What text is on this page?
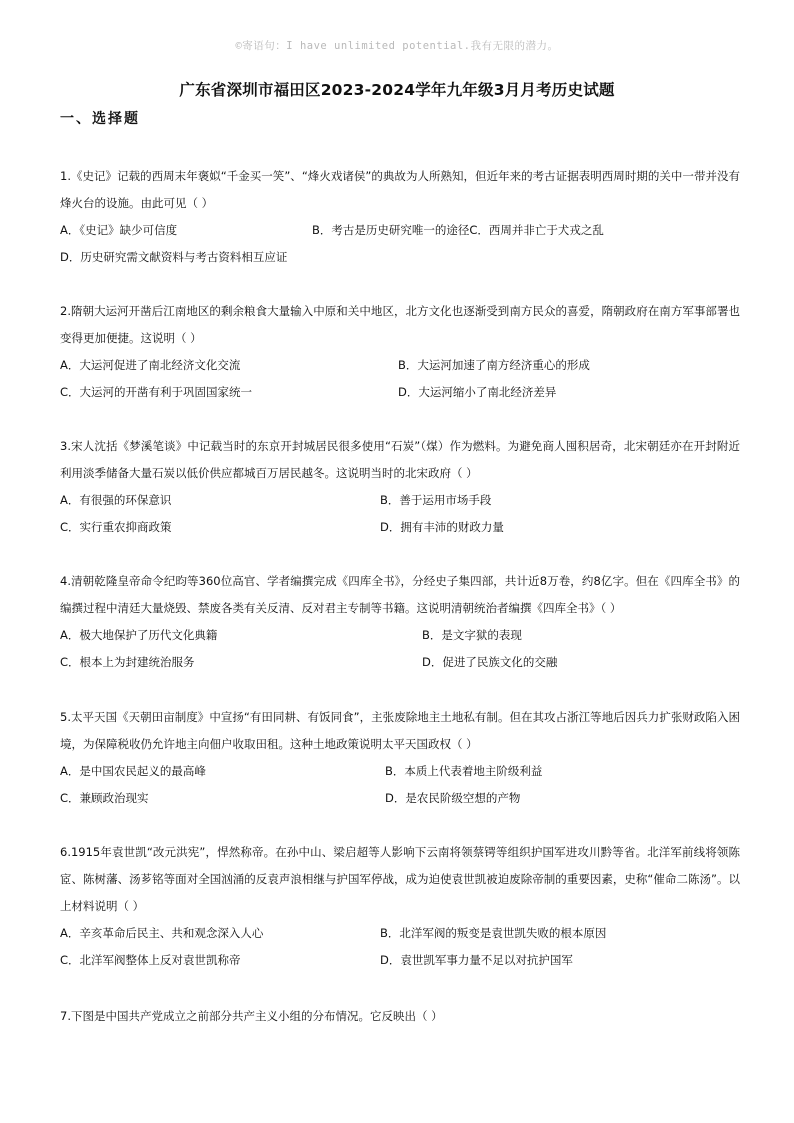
©寄语句：I have unlimited potential.我有无限的潜力。
广东省深圳市福田区2023-2024学年九年级3月月考历史试题
一、选择题
1.《史记》记载的西周末年褒姒“千金买一笑”、“烽火戏诸侯”的典故为人所熟知，但近年来的考古证据表明西周时期的关中一带并没有烽火台的设施。由此可见（ ）
A．《史记》缺少可信度	B．考古是历史研究唯一的途径 C．西周并非亡于犬戎之乱
D．历史研究需文献资料与考古资料相互应证
2.隋朝大运河开凿后江南地区的剩余粮食大量输入中原和关中地区，北方文化也逐渐受到南方民众的喜爱，隋朝政府在南方军事部署也变得更加便捷。这说明（ ）
A．大运河促进了南北经济文化交流	B．大运河加速了南方经济重心的形成
C．大运河的开凿有利于巩固国家统一	D．大运河缩小了南北经济差异
3.宋人沈括《梦溪笔谈》中记载当时的东京开封城居民很多使用“石炭”（煤）作为燃料。为避免商人囤积居奇，北宋朝廷亦在开封附近利用淡季储备大量石炭以低价供应都城百万居民越冬。这说明当时的北宋政府（ ）
A．有很强的环保意识	B．善于运用市场手段
C．实行重农抑商政策	D．拥有丰沛的财政力量
4.清朝乾隆皇帝命令纪昀等360位高官、学者编撰完成《四库全书》，分经史子集四部，共计近8万卷，约8亿字。但在《四库全书》的编撰过程中清廷大量烧毁、禁废各类有关反清、反对君主专制等书籍。这说明清朝统治者编撰《四库全书》（ ）
A．极大地保护了历代文化典籍	B．是文字狱的表现
C．根本上为封建统治服务	D．促进了民族文化的交融
5.太平天国《天朝田亩制度》中宣扬“有田同耕、有饭同食”，主张废除地主土地私有制。但在其攻占浙江等地后因兵力扩张财政陷入困境，为保障税收仍允许地主向佃户收取田租。这种土地政策说明太平天国政权（ ）
A．是中国农民起义的最高峰	B．本质上代表着地主阶级利益
C．兼顾政治现实	D．是农民阶级空想的产物
6.1915年袁世凯“改元洪宪”，悍然称帝。在孙中山、梁启超等人影响下云南将领蔡锷等组织护国军进攻川黔等省。北洋军前线将领陈宧、陈树藩、汤芗铭等面对全国汹涌的反袁声浪相继与护国军停战，成为迫使袁世凯被迫废除帝制的重要因素，史称“催命二陈汤”。以上材料说明（ ）
A．辛亥革命后民主、共和观念深入人心	B．北洋军阀的叛变是袁世凯失败的根本原因
C．北洋军阀整体上反对袁世凯称帝	D．袁世凯军事力量不足以对抗护国军
7.下图是中国共产党成立之前部分共产主义小组的分布情况。它反映出（ ）
